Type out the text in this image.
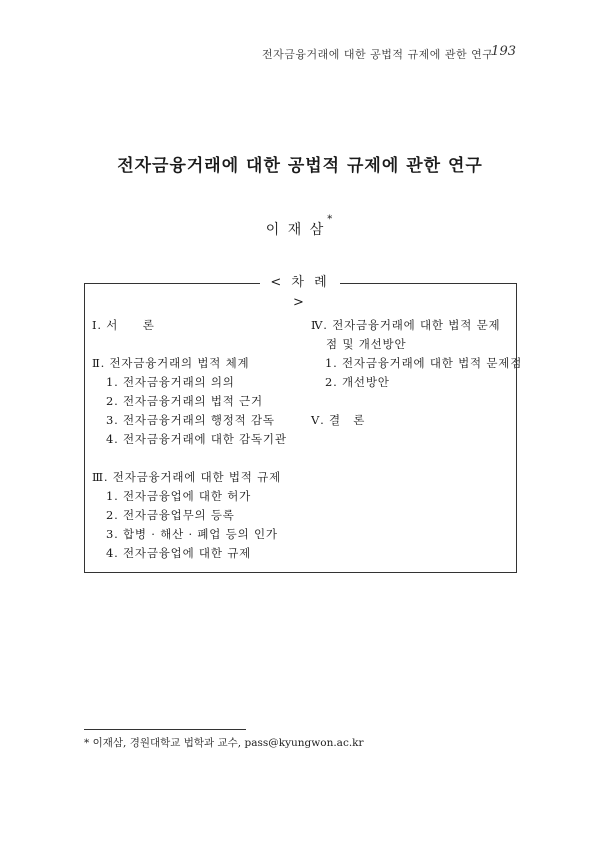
전자금융거래에 대한 공법적 규제에 관한 연구
193
전자금융거래에 대한 공법적 규제에 관한 연구
이 재 삼*
< 차 례 >
Ⅰ. 서　　론
Ⅱ. 전자금융거래의 법적 체계
1. 전자금융거래의 의의
2. 전자금융거래의 법적 근거
3. 전자금융거래의 행정적 감독
4. 전자금융거래에 대한 감독기관
Ⅲ. 전자금융거래에 대한 법적 규제
1. 전자금융업에 대한 허가
2. 전자금융업무의 등록
3. 합병 · 해산 · 폐업 등의 인가
4. 전자금융업에 대한 규제
Ⅳ. 전자금융거래에 대한 법적 문제
점 및 개선방안
1. 전자금융거래에 대한 법적 문제점
2. 개선방안
Ⅴ. 결　론
* 이재삼, 경원대학교 법학과 교수, pass@kyungwon.ac.kr
